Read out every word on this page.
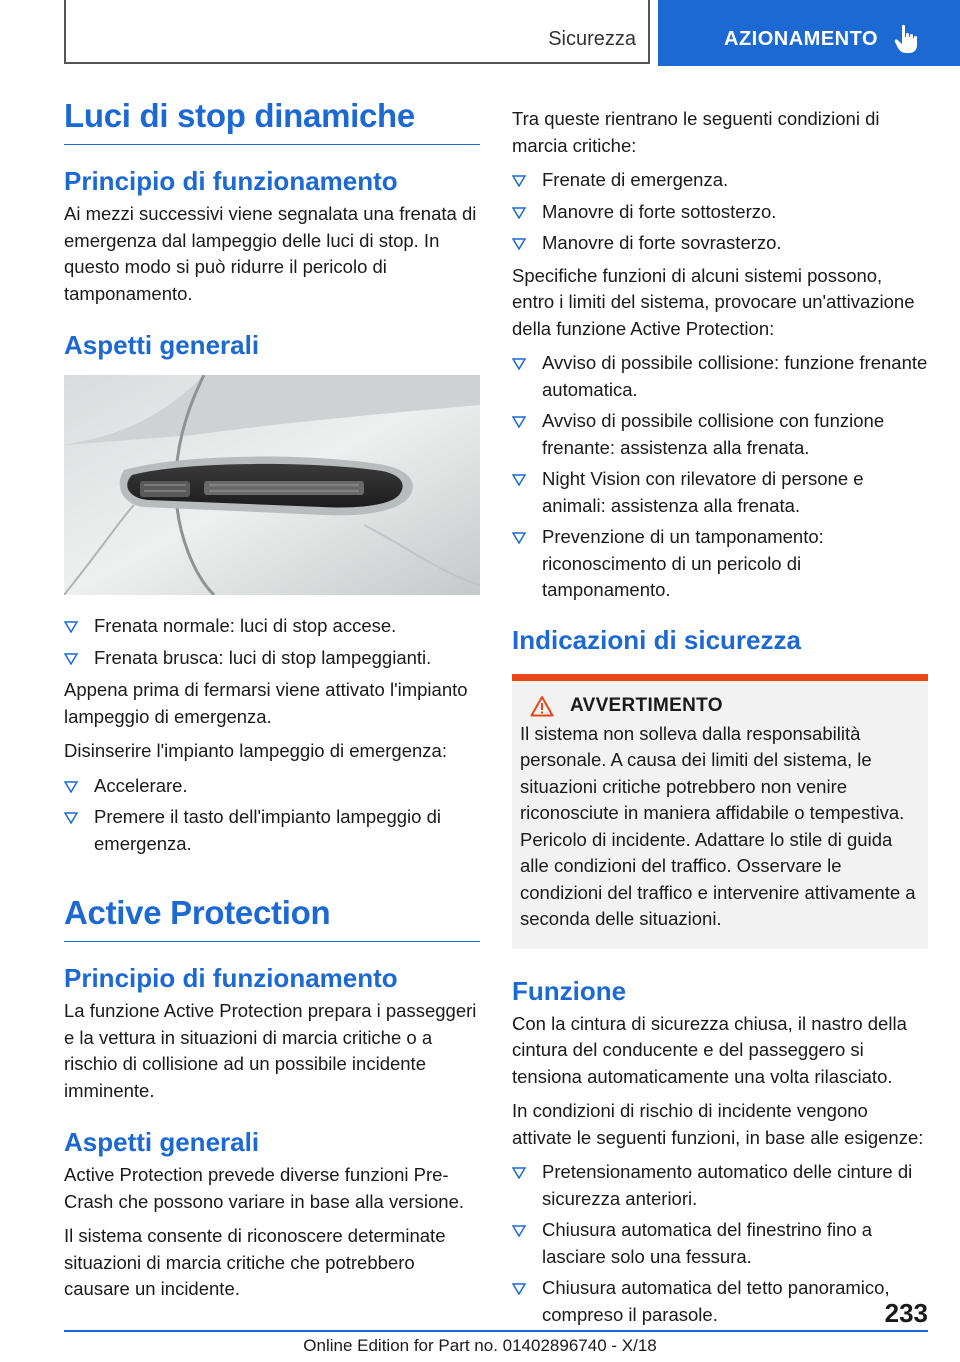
Sicurezza	AZIONAMENTO
Luci di stop dinamiche
Principio di funzionamento

Ai mezzi successivi viene segnalata una frenata di emergenza dal lampeggio delle luci di stop. In questo modo si può ridurre il pericolo di tamponamento.

Aspetti generali
Frenata normale: luci di stop accese.
Frenata brusca: luci di stop lampeggianti.

Appena prima di fermarsi viene attivato l'impianto lampeggio di emergenza.

Disinserire l'impianto lampeggio di emergenza:

Accelerare.
Premere il tasto dell'impianto lampeggio di emergenza.
Active Protection
Principio di funzionamento

La funzione Active Protection prepara i passeggeri e la vettura in situazioni di marcia critiche o a rischio di collisione ad un possibile incidente imminente.

Aspetti generali

Active Protection prevede diverse funzioni Pre-Crash che possono variare in base alla versione.

Il sistema consente di riconoscere determinate situazioni di marcia critiche che potrebbero causare un incidente.

Tra queste rientrano le seguenti condizioni di marcia critiche:

Frenate di emergenza.
Manovre di forte sottosterzo.
Manovre di forte sovrasterzo.

Specifiche funzioni di alcuni sistemi possono, entro i limiti del sistema, provocare un'attivazione della funzione Active Protection:

Avviso di possibile collisione: funzione frenante automatica.
Avviso di possibile collisione con funzione frenante: assistenza alla frenata.
Night Vision con rilevatore di persone e animali: assistenza alla frenata.
Prevenzione di un tamponamento: riconoscimento di un pericolo di tamponamento.
Indicazioni di sicurezza
AVVERTIMENTO

Il sistema non solleva dalla responsabilità personale. A causa dei limiti del sistema, le situazioni critiche potrebbero non venire riconosciute in maniera affidabile o tempestiva. Pericolo di incidente. Adattare lo stile di guida alle condizioni del traffico. Osservare le condizioni del traffico e intervenire attivamente a seconda delle situazioni.

Funzione

Con la cintura di sicurezza chiusa, il nastro della cintura del conducente e del passeggero si tensiona automaticamente una volta rilasciato.

In condizioni di rischio di incidente vengono attivate le seguenti funzioni, in base alle esigenze:

Pretensionamento automatico delle cinture di sicurezza anteriori.
Chiusura automatica del finestrino fino a lasciare solo una fessura.
Chiusura automatica del tetto panoramico, compreso il parasole.	233
Online Edition for Part no. 01402896740 - X/18
